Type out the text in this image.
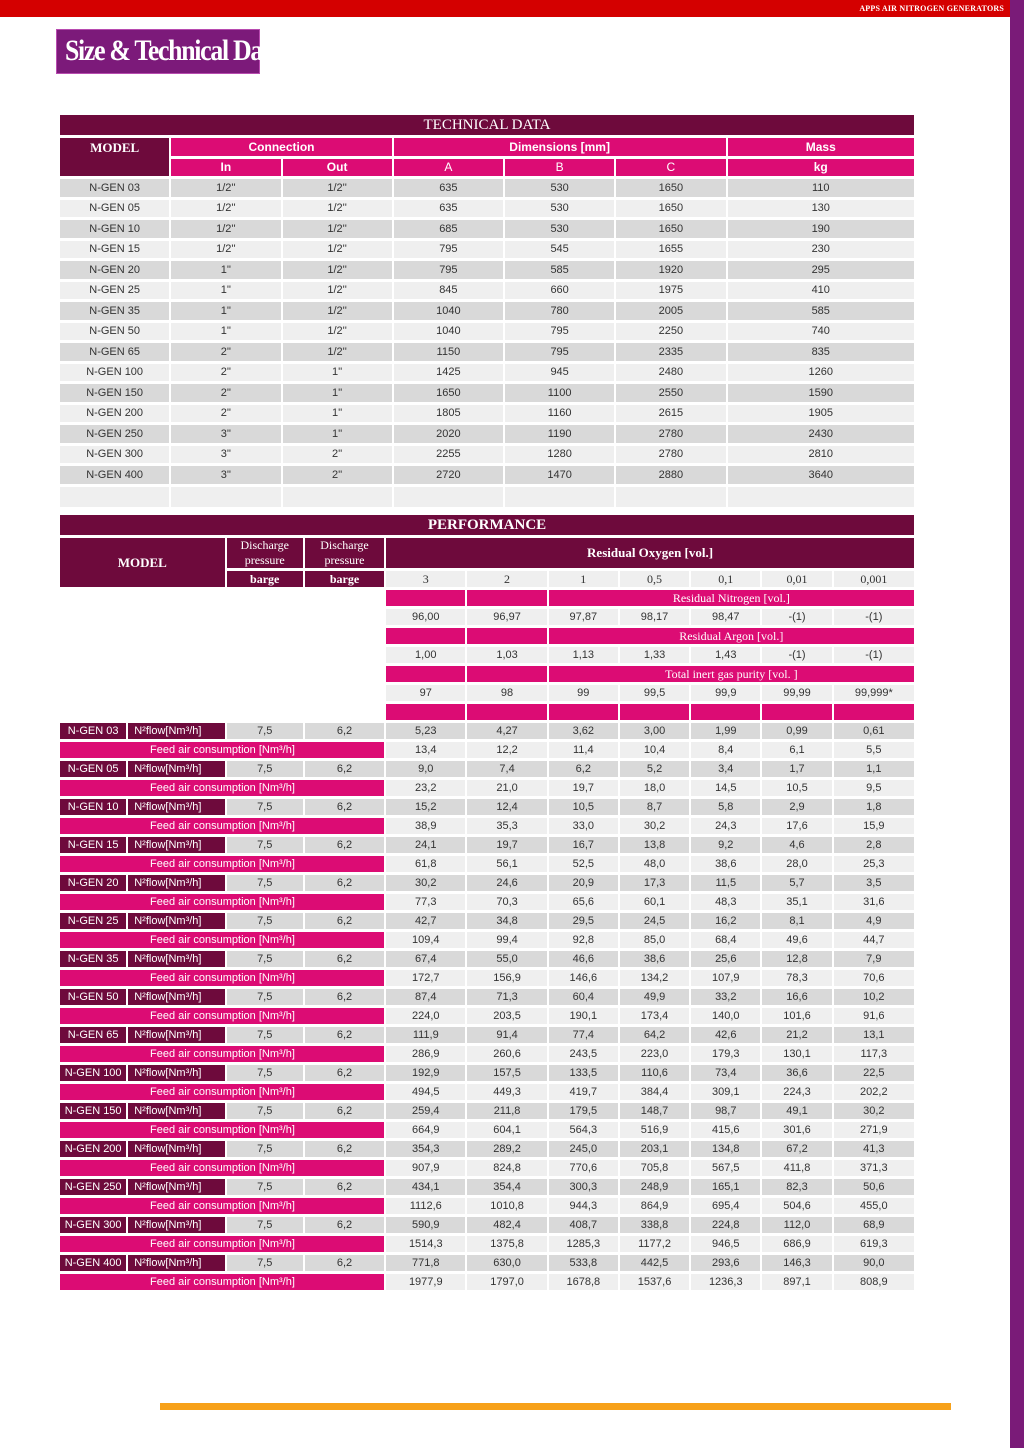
APPS AIR NITROGEN GENERATORS
Size & Technical Data
TECHNICAL DATA						
MODEL	Connection		Dimensions [mm]			Mass
	In	Out	A	B	C	kg
N-GEN 03	1/2''	1/2''	635	530	1650	110
N-GEN 05	1/2''	1/2''	635	530	1650	130
N-GEN 10	1/2''	1/2''	685	530	1650	190
N-GEN 15	1/2''	1/2''	795	545	1655	230
N-GEN 20	1''	1/2''	795	585	1920	295
N-GEN 25	1''	1/2''	845	660	1975	410
N-GEN 35	1''	1/2''	1040	780	2005	585
N-GEN 50	1''	1/2''	1040	795	2250	740
N-GEN 65	2''	1/2''	1150	795	2335	835
N-GEN 100	2''	1''	1425	945	2480	1260
N-GEN 150	2''	1''	1650	1100	2550	1590
N-GEN 200	2''	1''	1805	1160	2615	1905
N-GEN 250	3''	1''	2020	1190	2780	2430
N-GEN 300	3''	2''	2255	1280	2780	2810
N-GEN 400	3''	2''	2720	1470	2880	3640

PERFORMANCE										
MODEL		Discharge pressure	Discharge pressure	Residual Oxygen [vol.]						
		barge	barge	3	2	1	0,5	0,1	0,01	0,001
						Residual Nitrogen [vol.]				
				96,00	96,97	97,87	98,17	98,47	-(1)	-(1)
						Residual Argon [vol.]				
				1,00	1,03	1,13	1,33	1,43	-(1)	-(1)
						Total inert gas purity [vol. ]				
				97	98	99	99,5	99,9	99,99	99,999*

N-GEN 03	N²flow[Nm³/h]	7,5	6,2	5,23	4,27	3,62	3,00	1,99	0,99	0,61
Feed air consumption [Nm³/h]				13,4	12,2	11,4	10,4	8,4	6,1	5,5
N-GEN 05	N²flow[Nm³/h]	7,5	6,2	9,0	7,4	6,2	5,2	3,4	1,7	1,1
Feed air consumption [Nm³/h]				23,2	21,0	19,7	18,0	14,5	10,5	9,5
N-GEN 10	N²flow[Nm³/h]	7,5	6,2	15,2	12,4	10,5	8,7	5,8	2,9	1,8
Feed air consumption [Nm³/h]				38,9	35,3	33,0	30,2	24,3	17,6	15,9
N-GEN 15	N²flow[Nm³/h]	7,5	6,2	24,1	19,7	16,7	13,8	9,2	4,6	2,8
Feed air consumption [Nm³/h]				61,8	56,1	52,5	48,0	38,6	28,0	25,3
N-GEN 20	N²flow[Nm³/h]	7,5	6,2	30,2	24,6	20,9	17,3	11,5	5,7	3,5
Feed air consumption [Nm³/h]				77,3	70,3	65,6	60,1	48,3	35,1	31,6
N-GEN 25	N²flow[Nm³/h]	7,5	6,2	42,7	34,8	29,5	24,5	16,2	8,1	4,9
Feed air consumption [Nm³/h]				109,4	99,4	92,8	85,0	68,4	49,6	44,7
N-GEN 35	N²flow[Nm³/h]	7,5	6,2	67,4	55,0	46,6	38,6	25,6	12,8	7,9
Feed air consumption [Nm³/h]				172,7	156,9	146,6	134,2	107,9	78,3	70,6
N-GEN 50	N²flow[Nm³/h]	7,5	6,2	87,4	71,3	60,4	49,9	33,2	16,6	10,2
Feed air consumption [Nm³/h]				224,0	203,5	190,1	173,4	140,0	101,6	91,6
N-GEN 65	N²flow[Nm³/h]	7,5	6,2	111,9	91,4	77,4	64,2	42,6	21,2	13,1
Feed air consumption [Nm³/h]				286,9	260,6	243,5	223,0	179,3	130,1	117,3
N-GEN 100	N²flow[Nm³/h]	7,5	6,2	192,9	157,5	133,5	110,6	73,4	36,6	22,5
Feed air consumption [Nm³/h]				494,5	449,3	419,7	384,4	309,1	224,3	202,2
N-GEN 150	N²flow[Nm³/h]	7,5	6,2	259,4	211,8	179,5	148,7	98,7	49,1	30,2
Feed air consumption [Nm³/h]				664,9	604,1	564,3	516,9	415,6	301,6	271,9
N-GEN 200	N²flow[Nm³/h]	7,5	6,2	354,3	289,2	245,0	203,1	134,8	67,2	41,3
Feed air consumption [Nm³/h]				907,9	824,8	770,6	705,8	567,5	411,8	371,3
N-GEN 250	N²flow[Nm³/h]	7,5	6,2	434,1	354,4	300,3	248,9	165,1	82,3	50,6
Feed air consumption [Nm³/h]				1112,6	1010,8	944,3	864,9	695,4	504,6	455,0
N-GEN 300	N²flow[Nm³/h]	7,5	6,2	590,9	482,4	408,7	338,8	224,8	112,0	68,9
Feed air consumption [Nm³/h]				1514,3	1375,8	1285,3	1177,2	946,5	686,9	619,3
N-GEN 400	N²flow[Nm³/h]	7,5	6,2	771,8	630,0	533,8	442,5	293,6	146,3	90,0
Feed air consumption [Nm³/h]				1977,9	1797,0	1678,8	1537,6	1236,3	897,1	808,9
